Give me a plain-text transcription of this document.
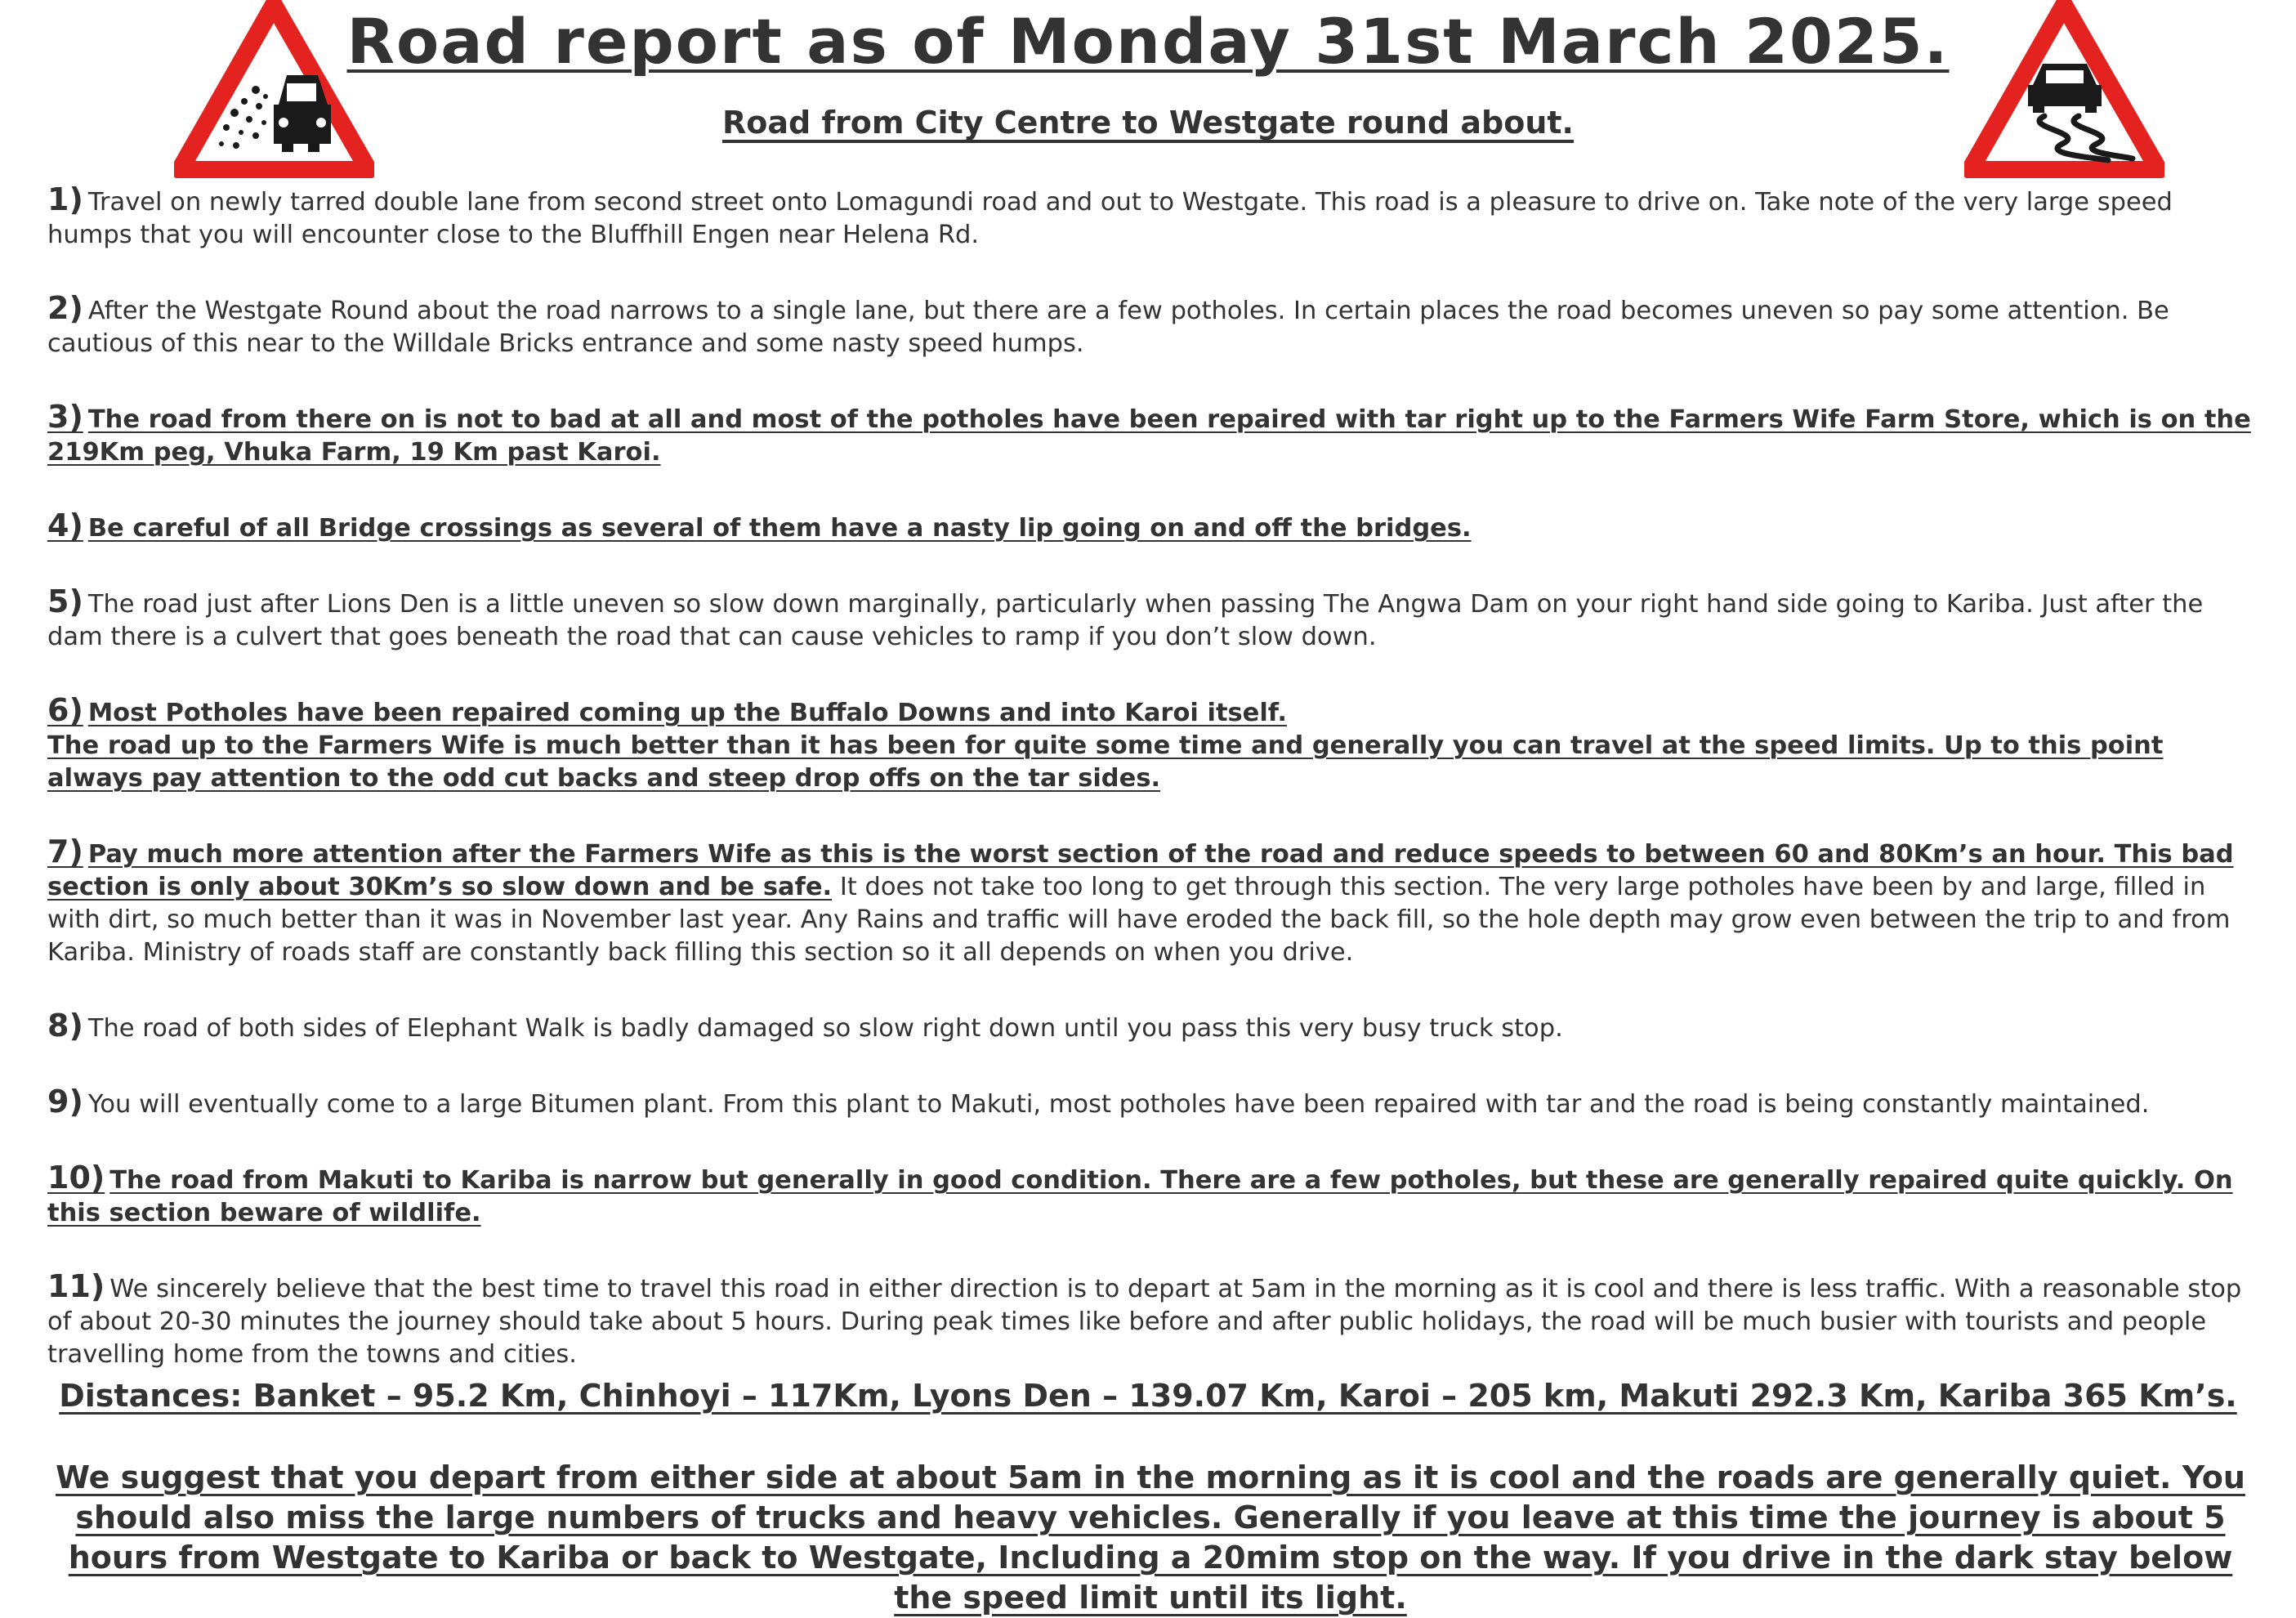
Road report as of Monday 31st March 2025.
Road from City Centre to Westgate round about.
1) Travel on newly tarred double lane from second street onto Lomagundi road and out to Westgate. This road is a pleasure to drive on. Take note of the very large speed humps that you will encounter close to the Bluffhill Engen near Helena Rd.
2) After the Westgate Round about the road narrows to a single lane, but there are a few potholes. In certain places the road becomes uneven so pay some attention. Be cautious of this near to the Willdale Bricks entrance and some nasty speed humps.
3) The road from there on is not to bad at all and most of the potholes have been repaired with tar right up to the Farmers Wife Farm Store, which is on the 219Km peg, Vhuka Farm, 19 Km past Karoi.
4) Be careful of all Bridge crossings as several of them have a nasty lip going on and off the bridges.
5) The road just after Lions Den is a little uneven so slow down marginally, particularly when passing The Angwa Dam on your right hand side going to Kariba. Just after the dam there is a culvert that goes beneath the road that can cause vehicles to ramp if you don’t slow down.
6) Most Potholes have been repaired coming up the Buffalo Downs and into Karoi itself.
The road up to the Farmers Wife is much better than it has been for quite some time and generally you can travel at the speed limits. Up to this point always pay attention to the odd cut backs and steep drop offs on the tar sides.
7) Pay much more attention after the Farmers Wife as this is the worst section of the road and reduce speeds to between 60 and 80Km’s an hour. This bad section is only about 30Km’s so slow down and be safe. It does not take too long to get through this section. The very large potholes have been by and large, filled in with dirt, so much better than it was in November last year. Any Rains and traffic will have eroded the back fill, so the hole depth may grow even between the trip to and from Kariba. Ministry of roads staff are constantly back filling this section so it all depends on when you drive.
8) The road of both sides of Elephant Walk is badly damaged so slow right down until you pass this very busy truck stop.
9) You will eventually come to a large Bitumen plant. From this plant to Makuti, most potholes have been repaired with tar and the road is being constantly maintained.
10) The road from Makuti to Kariba is narrow but generally in good condition. There are a few potholes, but these are generally repaired quite quickly. On this section beware of wildlife.
11) We sincerely believe that the best time to travel this road in either direction is to depart at 5am in the morning as it is cool and there is less traffic. With a reasonable stop of about 20-30 minutes the journey should take about 5 hours. During peak times like before and after public holidays, the road will be much busier with tourists and people travelling home from the towns and cities.
Distances: Banket – 95.2 Km, Chinhoyi – 117Km, Lyons Den – 139.07 Km, Karoi – 205 km, Makuti 292.3 Km, Kariba 365 Km’s.
We suggest that you depart from either side at about 5am in the morning as it is cool and the roads are generally quiet. You should also miss the large numbers of trucks and heavy vehicles. Generally if you leave at this time the journey is about 5 hours from Westgate to Kariba or back to Westgate, Including a 20mim stop on the way. If you drive in the dark stay below the speed limit until its light.
